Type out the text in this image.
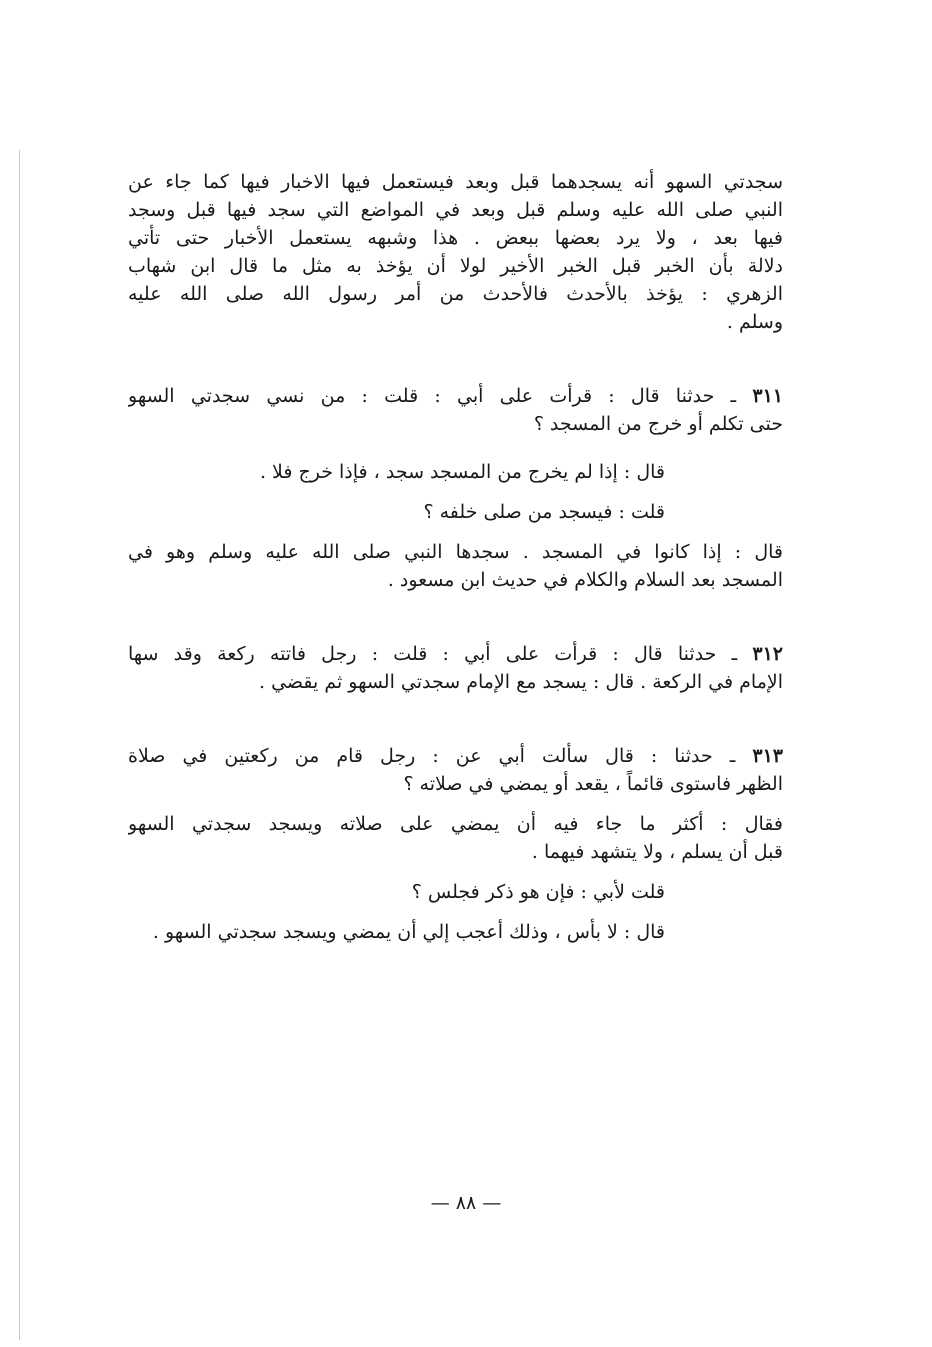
سجدتي السهو أنه يسجدهما قبل وبعد فيستعمل فيها الاخبار فيها كما جاء عن
النبي صلى الله عليه وسلم قبل وبعد في المواضع التي سجد فيها قبل وسجد
فيها بعد ، ولا يرد بعضها ببعض . هذا وشبهه يستعمل الأخبار حتى تأتي
دلالة بأن الخبر قبل الخبر الأخير لولا أن يؤخذ به مثل ما قال ابن شهاب
الزهري : يؤخذ بالأحدث فالأحدث من أمر رسول الله صلى الله عليه
وسلم .
٣١١ ـ حدثنا قال : قرأت على أبي : قلت : من نسي سجدتي السهو
حتى تكلم أو خرج من المسجد ؟
قال : إذا لم يخرج من المسجد سجد ، فإذا خرج فلا .
قلت : فيسجد من صلى خلفه ؟
قال : إذا كانوا في المسجد . سجدها النبي صلى الله عليه وسلم وهو في
المسجد بعد السلام والكلام في حديث ابن مسعود .
٣١٢ ـ حدثنا قال : قرأت على أبي : قلت : رجل فاتته ركعة وقد سها
الإمام في الركعة . قال : يسجد مع الإمام سجدتي السهو ثم يقضي .
٣١٣ ـ حدثنا : قال سألت أبي عن : رجل قام من ركعتين في صلاة
الظهر فاستوى قائماً ، يقعد أو يمضي في صلاته ؟
فقال : أكثر ما جاء فيه أن يمضي على صلاته ويسجد سجدتي السهو
قبل أن يسلم ، ولا يتشهد فيهما .
قلت لأبي : فإن هو ذكر فجلس ؟
قال : لا بأس ، وذلك أعجب إلي أن يمضي ويسجد سجدتي السهو .
— ٨٨ —
